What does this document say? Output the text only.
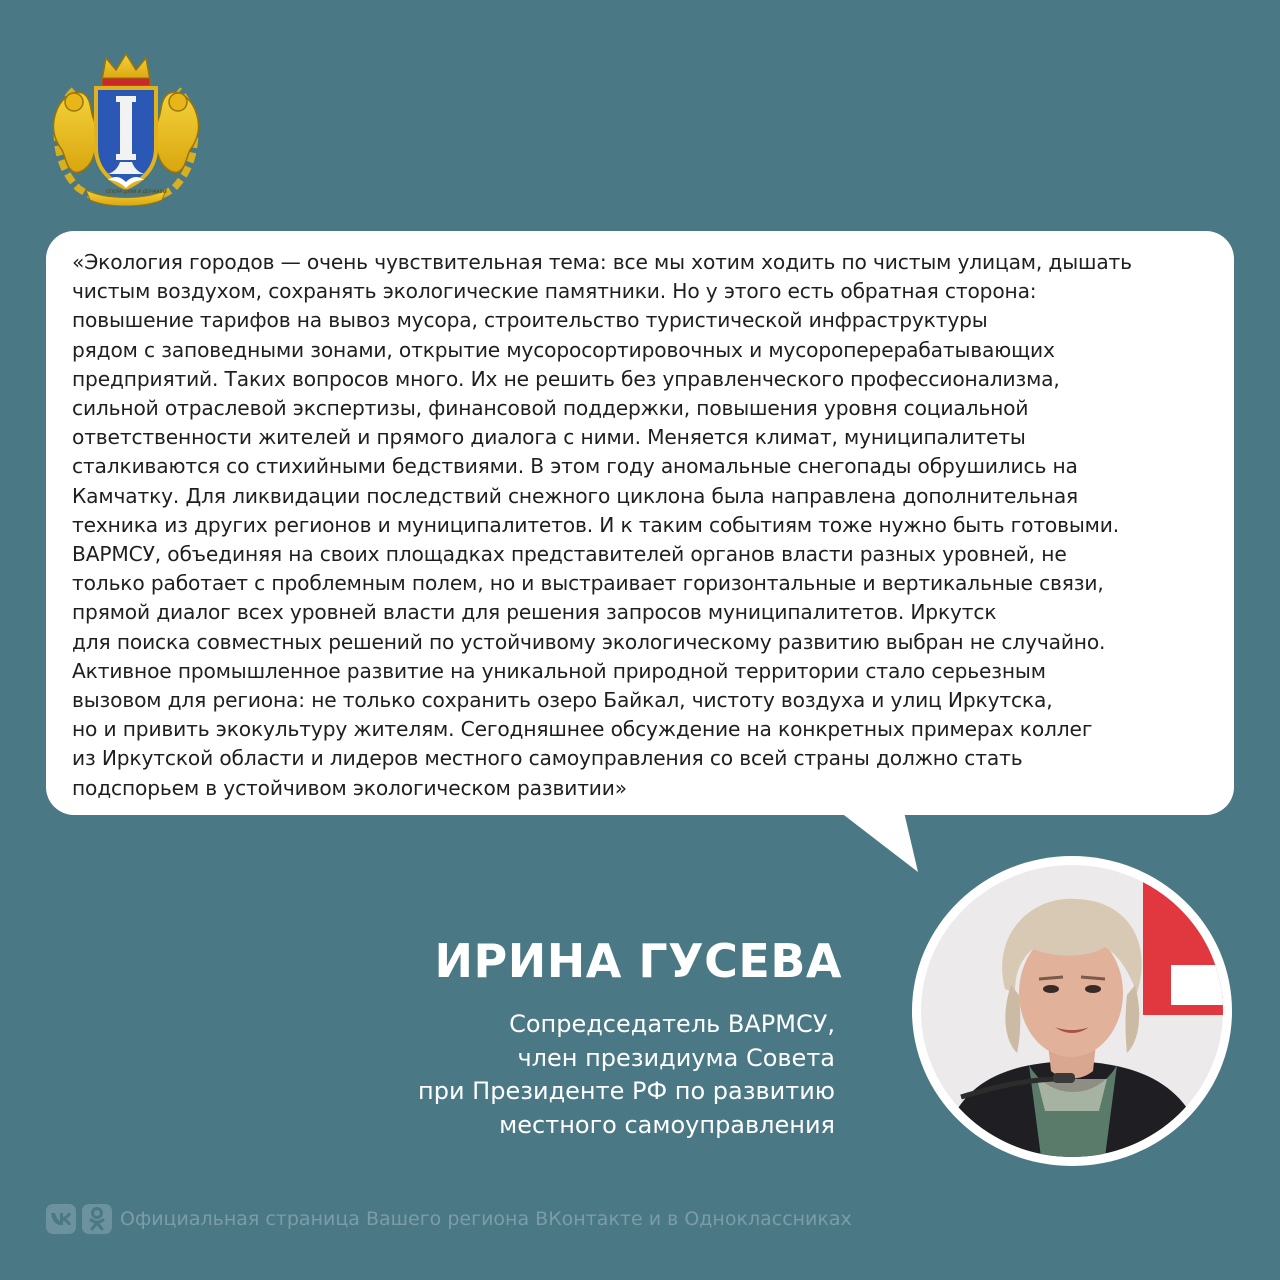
ОПОРА ДУХИ И ДЕРЖАВЫ
«Экология городов — очень чувствительная тема: все мы хотим ходить по чистым улицам, дышать
чистым воздухом, сохранять экологические памятники. Но у этого есть обратная сторона:
повышение тарифов на вывоз мусора, строительство туристической инфраструктуры
рядом с заповедными зонами, открытие мусоросортировочных и мусороперерабатывающих
предприятий. Таких вопросов много. Их не решить без управленческого профессионализма,
сильной отраслевой экспертизы, финансовой поддержки, повышения уровня социальной
ответственности жителей и прямого диалога с ними. Меняется климат, муниципалитеты
сталкиваются со стихийными бедствиями. В этом году аномальные снегопады обрушились на
Камчатку. Для ликвидации последствий снежного циклона была направлена дополнительная
техника из других регионов и муниципалитетов. И к таким событиям тоже нужно быть готовыми.
ВАРМСУ, объединяя на своих площадках представителей органов власти разных уровней, не
только работает с проблемным полем, но и выстраивает горизонтальные и вертикальные связи,
прямой диалог всех уровней власти для решения запросов муниципалитетов. Иркутск
для поиска совместных решений по устойчивому экологическому развитию выбран не случайно.
Активное промышленное развитие на уникальной природной территории стало серьезным
вызовом для региона: не только сохранить озеро Байкал, чистоту воздуха и улиц Иркутска,
но и привить экокультуру жителям. Сегодняшнее обсуждение на конкретных примерах коллег
из Иркутской области и лидеров местного самоуправления со всей страны должно стать
подспорьем в устойчивом экологическом развитии»
ИРИНА ГУСЕВА
Сопредседатель ВАРМСУ,
член президиума Совета
при Президенте РФ по развитию
местного самоуправления
Официальная страница Вашего региона ВКонтакте и в Одноклассниках
